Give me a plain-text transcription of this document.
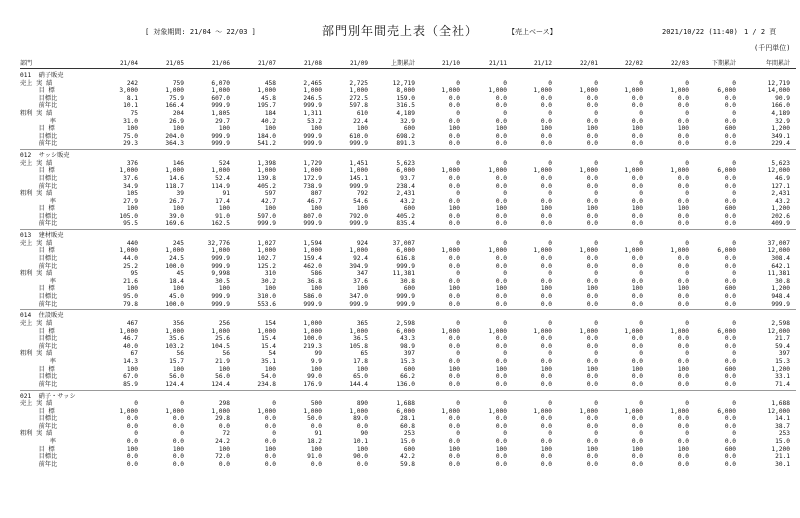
[ 対象期間: 21/04 ～ 22/03 ]	部門別年間売上表（全社）	【売上ベース】	2021/10/22 (11:40) 1 / 2 頁
(千円単位)
部門	21/04	21/05	21/06	21/07	21/08	21/09	上期累計	21/10	21/11	21/12	22/01	22/02	22/03	下期累計	年間累計
011  硝子販売
売上 実 績	242	759	6,070	458	2,465	2,725	12,719	0	0	0	0	0	0	0	12,719
目 標	3,000	1,000	1,000	1,000	1,000	1,000	8,000	1,000	1,000	1,000	1,000	1,000	1,000	6,000	14,000
目標比	8.1	75.9	607.0	45.8	246.5	272.5	159.0	0.0	0.0	0.0	0.0	0.0	0.0	0.0	90.9
前年比	10.1	166.4	999.9	195.7	999.9	597.8	316.5	0.0	0.0	0.0	0.0	0.0	0.0	0.0	166.0
粗利 実 績	75	204	1,805	184	1,311	610	4,189	0	0	0	0	0	0	0	4,189
率	31.0	26.9	29.7	40.2	53.2	22.4	32.9	0.0	0.0	0.0	0.0	0.0	0.0	0.0	32.9
目 標	100	100	100	100	100	100	600	100	100	100	100	100	100	600	1,200
目標比	75.0	204.0	999.9	184.0	999.9	610.0	698.2	0.0	0.0	0.0	0.0	0.0	0.0	0.0	349.1
前年比	29.3	364.3	999.9	541.2	999.9	999.9	891.3	0.0	0.0	0.0	0.0	0.0	0.0	0.0	229.4
012  サッシ販売
売上 実 績	376	146	524	1,398	1,729	1,451	5,623	0	0	0	0	0	0	0	5,623
目 標	1,000	1,000	1,000	1,000	1,000	1,000	6,000	1,000	1,000	1,000	1,000	1,000	1,000	6,000	12,000
目標比	37.6	14.6	52.4	139.8	172.9	145.1	93.7	0.0	0.0	0.0	0.0	0.0	0.0	0.0	46.9
前年比	34.9	118.7	114.9	405.2	738.9	999.9	238.4	0.0	0.0	0.0	0.0	0.0	0.0	0.0	127.1
粗利 実 績	105	39	91	597	807	792	2,431	0	0	0	0	0	0	0	2,431
率	27.9	26.7	17.4	42.7	46.7	54.6	43.2	0.0	0.0	0.0	0.0	0.0	0.0	0.0	43.2
目 標	100	100	100	100	100	100	600	100	100	100	100	100	100	600	1,200
目標比	105.0	39.0	91.0	597.0	807.0	792.0	405.2	0.0	0.0	0.0	0.0	0.0	0.0	0.0	202.6
前年比	95.5	169.6	162.5	999.9	999.9	999.9	835.4	0.0	0.0	0.0	0.0	0.0	0.0	0.0	409.9
013  建材販売
売上 実 績	440	245	32,776	1,027	1,594	924	37,007	0	0	0	0	0	0	0	37,007
目 標	1,000	1,000	1,000	1,000	1,000	1,000	6,000	1,000	1,000	1,000	1,000	1,000	1,000	6,000	12,000
目標比	44.0	24.5	999.9	102.7	159.4	92.4	616.8	0.0	0.0	0.0	0.0	0.0	0.0	0.0	308.4
前年比	25.2	100.0	999.9	125.2	462.0	394.9	999.9	0.0	0.0	0.0	0.0	0.0	0.0	0.0	642.1
粗利 実 績	95	45	9,998	310	586	347	11,381	0	0	0	0	0	0	0	11,381
率	21.6	18.4	30.5	30.2	36.8	37.6	30.8	0.0	0.0	0.0	0.0	0.0	0.0	0.0	30.8
目 標	100	100	100	100	100	100	600	100	100	100	100	100	100	600	1,200
目標比	95.0	45.0	999.9	310.0	586.0	347.0	999.9	0.0	0.0	0.0	0.0	0.0	0.0	0.0	948.4
前年比	79.8	100.0	999.9	553.6	999.9	999.9	999.9	0.0	0.0	0.0	0.0	0.0	0.0	0.0	999.9
014  住設販売
売上 実 績	467	356	256	154	1,000	365	2,598	0	0	0	0	0	0	0	2,598
目 標	1,000	1,000	1,000	1,000	1,000	1,000	6,000	1,000	1,000	1,000	1,000	1,000	1,000	6,000	12,000
目標比	46.7	35.6	25.6	15.4	100.0	36.5	43.3	0.0	0.0	0.0	0.0	0.0	0.0	0.0	21.7
前年比	40.0	103.2	104.5	15.4	219.3	105.8	98.9	0.0	0.0	0.0	0.0	0.0	0.0	0.0	59.4
粗利 実 績	67	56	56	54	99	65	397	0	0	0	0	0	0	0	397
率	14.3	15.7	21.9	35.1	9.9	17.8	15.3	0.0	0.0	0.0	0.0	0.0	0.0	0.0	15.3
目 標	100	100	100	100	100	100	600	100	100	100	100	100	100	600	1,200
目標比	67.0	56.0	56.0	54.0	99.0	65.0	66.2	0.0	0.0	0.0	0.0	0.0	0.0	0.0	33.1
前年比	85.9	124.4	124.4	234.8	176.9	144.4	136.0	0.0	0.0	0.0	0.0	0.0	0.0	0.0	71.4
021  硝子・サッシ
売上 実 績	0	0	298	0	500	890	1,688	0	0	0	0	0	0	0	1,688
目 標	1,000	1,000	1,000	1,000	1,000	1,000	6,000	1,000	1,000	1,000	1,000	1,000	1,000	6,000	12,000
目標比	0.0	0.0	29.8	0.0	50.0	89.0	28.1	0.0	0.0	0.0	0.0	0.0	0.0	0.0	14.1
前年比	0.0	0.0	0.0	0.0	0.0	0.0	60.8	0.0	0.0	0.0	0.0	0.0	0.0	0.0	38.7
粗利 実 績	0	0	72	0	91	90	253	0	0	0	0	0	0	0	253
率	0.0	0.0	24.2	0.0	18.2	10.1	15.0	0.0	0.0	0.0	0.0	0.0	0.0	0.0	15.0
目 標	100	100	100	100	100	100	600	100	100	100	100	100	100	600	1,200
目標比	0.0	0.0	72.0	0.0	91.0	90.0	42.2	0.0	0.0	0.0	0.0	0.0	0.0	0.0	21.1
前年比	0.0	0.0	0.0	0.0	0.0	0.0	59.8	0.0	0.0	0.0	0.0	0.0	0.0	0.0	30.1
